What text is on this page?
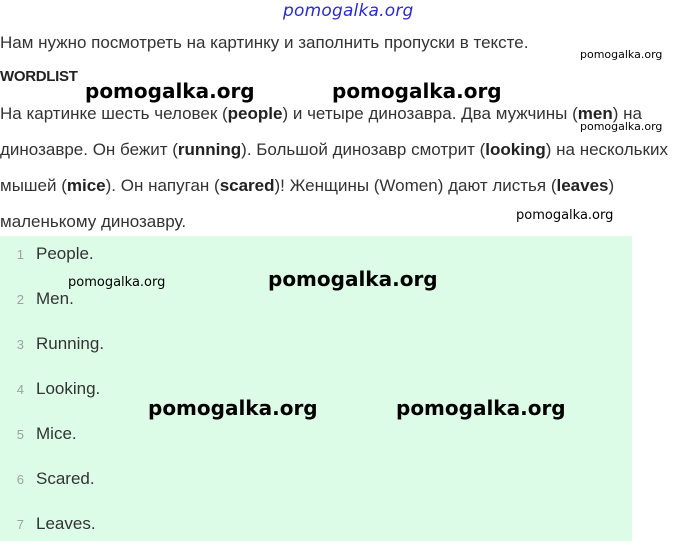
pomogalka.org
Нам нужно посмотреть на картинку и заполнить пропуски в тексте.
WORDLIST
На картинке шесть человек (people) и четыре динозавра. Два мужчины (men) на динозавре. Он бежит (running). Большой динозавр смотрит (looking) на нескольких мышей (mice). Он напуган (scared)! Женщины (Women) дают листья (leaves) маленькому динозавру.
1 People.
2 Men.
3 Running.
4 Looking.
5 Mice.
6 Scared.
7 Leaves.
pomogalka.org
pomogalka.org	pomogalka.org
pomogalka.org
pomogalka.org
pomogalka.org	pomogalka.org
pomogalka.org	pomogalka.org
